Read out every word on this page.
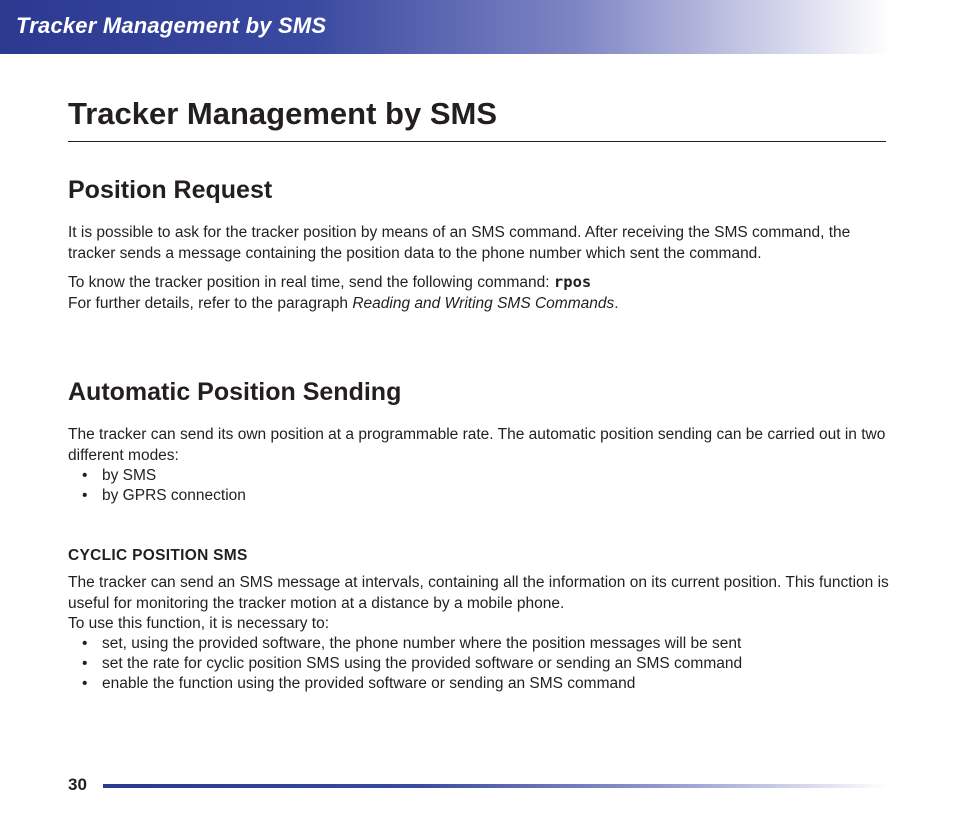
Tracker Management by SMS
Tracker Management by SMS
Position Request

It is possible to ask for the tracker position by means of an SMS command. After receiving the SMS command, the tracker sends a message containing the position data to the phone number which sent the command.

To know the tracker position in real time, send the following command: rpos
For further details, refer to the paragraph Reading and Writing SMS Commands.

Automatic Position Sending

The tracker can send its own position at a programmable rate. The automatic position sending can be carried out in two different modes:

• by SMS
• by GPRS connection
CYCLIC POSITION SMS

The tracker can send an SMS message at intervals, containing all the information on its current position. This function is useful for monitoring the tracker motion at a distance by a mobile phone.

To use this function, it is necessary to:

• set, using the provided software, the phone number where the position messages will be sent
• set the rate for cyclic position SMS using the provided software or sending an SMS command
• enable the function using the provided software or sending an SMS command
30
